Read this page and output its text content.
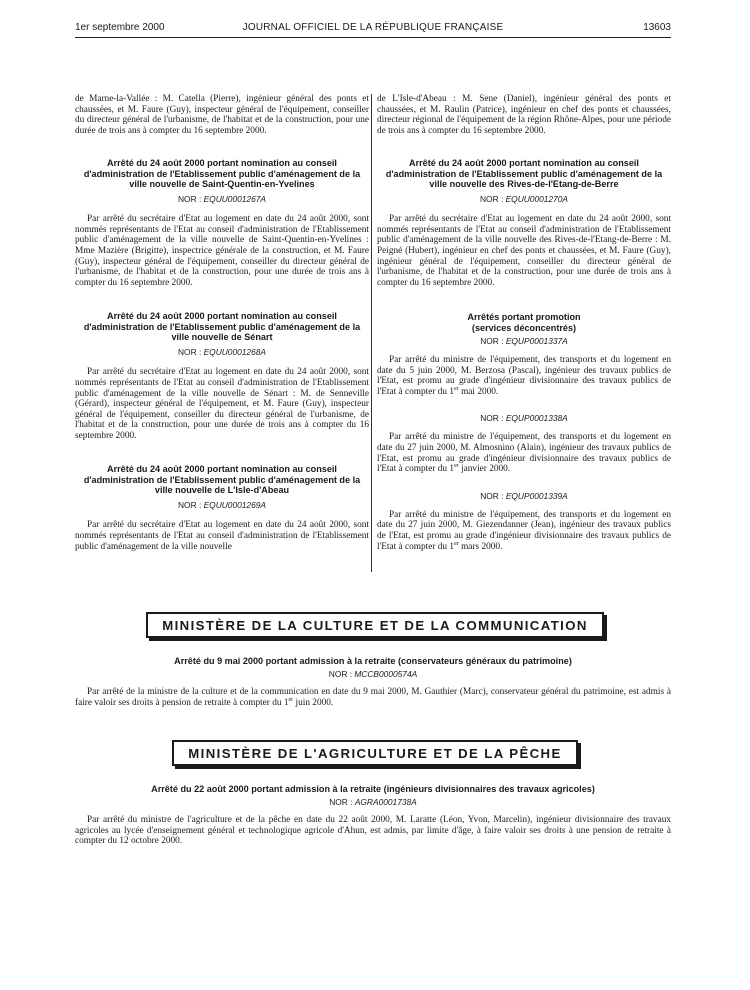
1er septembre 2000	JOURNAL OFFICIEL DE LA RÉPUBLIQUE FRANÇAISE	13603

de Marne-la-Vallée : M. Catella (Pierre), ingénieur général des ponts et chaussées, et M. Faure (Guy), inspecteur général de l'équipement, conseiller du directeur général de l'urbanisme, de l'habitat et de la construction, pour une durée de trois ans à compter du 16 septembre 2000.

Arrêté du 24 août 2000 portant nomination au conseil d'administration de l'Etablissement public d'aménagement de la ville nouvelle de Saint-Quentin-en-Yvelines

NOR : EQUU0001267A

Par arrêté du secrétaire d'Etat au logement en date du 24 août 2000, sont nommés représentants de l'Etat au conseil d'administration de l'Etablissement public d'aménagement de la ville nouvelle de Saint-Quentin-en-Yvelines : Mme Mazière (Brigitte), inspectrice générale de la construction, et M. Faure (Guy), inspecteur général de l'équipement, conseiller du directeur général de l'urbanisme, de l'habitat et de la construction, pour une durée de trois ans à compter du 16 septembre 2000.

Arrêté du 24 août 2000 portant nomination au conseil d'administration de l'Etablissement public d'aménagement de la ville nouvelle de Sénart

NOR : EQUU0001268A

Par arrêté du secrétaire d'Etat au logement en date du 24 août 2000, sont nommés représentants de l'Etat au conseil d'administration de l'Etablissement public d'aménagement de la ville nouvelle de Sénart : M. de Senneville (Gérard), inspecteur général de l'équipement, et M. Faure (Guy), inspecteur général de l'équipement, conseiller du directeur général de l'urbanisme, de l'habitat et de la construction, pour une durée de trois ans à compter du 16 septembre 2000.

Arrêté du 24 août 2000 portant nomination au conseil d'administration de l'Etablissement public d'aménagement de la ville nouvelle de L'Isle-d'Abeau

NOR : EQUU0001269A

Par arrêté du secrétaire d'Etat au logement en date du 24 août 2000, sont nommés représentants de l'Etat au conseil d'administration de l'Etablissement public d'aménagement de la ville nouvelle

de L'Isle-d'Abeau : M. Sene (Daniel), ingénieur général des ponts et chaussées, et M. Raulin (Patrice), ingénieur en chef des ponts et chaussées, directeur régional de l'équipement de la région Rhône-Alpes, pour une période de trois ans à compter du 16 septembre 2000.

Arrêté du 24 août 2000 portant nomination au conseil d'administration de l'Etablissement public d'aménagement de la ville nouvelle des Rives-de-l'Etang-de-Berre

NOR : EQUU0001270A

Par arrêté du secrétaire d'Etat au logement en date du 24 août 2000, sont nommés représentants de l'Etat au conseil d'administration de l'Etablissement public d'aménagement de la ville nouvelle des Rives-de-l'Etang-de-Berre : M. Peigné (Hubert), ingénieur en chef des ponts et chaussées, et M. Faure (Guy), ingénieur général de l'équipement, conseiller du directeur général de l'urbanisme, de l'habitat et de la construction, pour une durée de trois ans à compter du 16 septembre 2000.

Arrêtés portant promotion

(services déconcentrés)

NOR : EQUP0001337A

Par arrêté du ministre de l'équipement, des transports et du logement en date du 5 juin 2000, M. Berzosa (Pascal), ingénieur des travaux publics de l'Etat, est promu au grade d'ingénieur divisionnaire des travaux publics de l'Etat à compter du 1er mai 2000.

NOR : EQUP0001338A

Par arrêté du ministre de l'équipement, des transports et du logement en date du 27 juin 2000, M. Almosnino (Alain), ingénieur des travaux publics de l'Etat, est promu au grade d'ingénieur divisionnaire des travaux publics de l'Etat à compter du 1er janvier 2000.

NOR : EQUP0001339A

Par arrêté du ministre de l'équipement, des transports et du logement en date du 27 juin 2000, M. Giezendanner (Jean), ingénieur des travaux publics de l'Etat, est promu au grade d'ingénieur divisionnaire des travaux publics de l'Etat à compter du 1er mars 2000.

MINISTÈRE DE LA CULTURE ET DE LA COMMUNICATION

Arrêté du 9 mai 2000 portant admission à la retraite (conservateurs généraux du patrimoine)

NOR : MCCB0000574A

Par arrêté de la ministre de la culture et de la communication en date du 9 mai 2000, M. Gauthier (Marc), conservateur général du patrimoine, est admis à faire valoir ses droits à pension de retraite à compter du 1er juin 2000.

MINISTÈRE DE L'AGRICULTURE ET DE LA PÊCHE

Arrêté du 22 août 2000 portant admission à la retraite (ingénieurs divisionnaires des travaux agricoles)

NOR : AGRA0001738A

Par arrêté du ministre de l'agriculture et de la pêche en date du 22 août 2000, M. Laratte (Léon, Yvon, Marcelin), ingénieur divisionnaire des travaux agricoles au lycée d'enseignement général et technologique agricole d'Ahun, est admis, par limite d'âge, à faire valoir ses droits à une pension de retraite à compter du 12 octobre 2000.
